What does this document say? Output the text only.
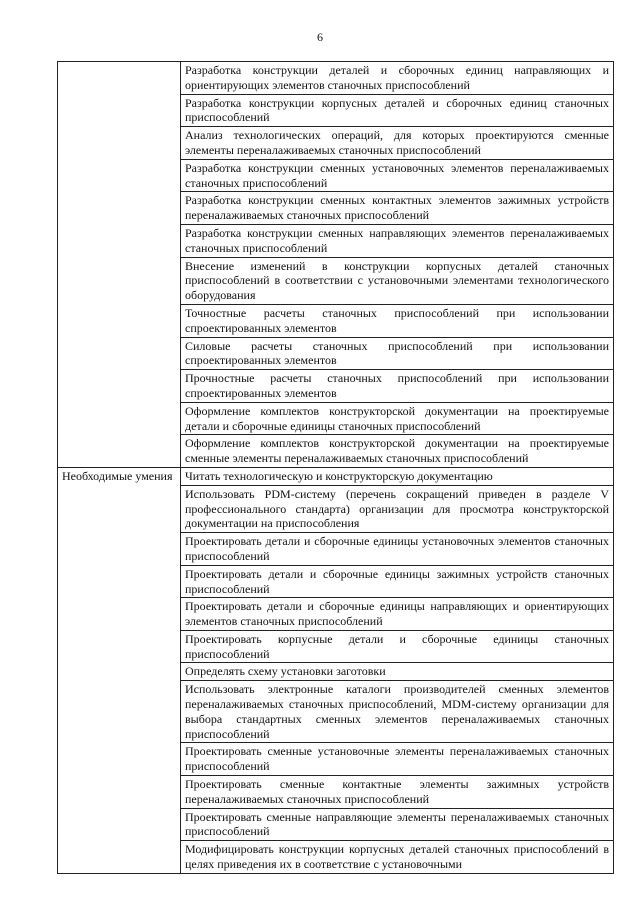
6
	Разработка конструкции деталей и сборочных единиц направляющих и ориентирующих элементов станочных приспособлений
	Разработка конструкции корпусных деталей и сборочных единиц станочных приспособлений
	Анализ технологических операций, для которых проектируются сменные элементы переналаживаемых станочных приспособлений
	Разработка конструкции сменных установочных элементов переналаживаемых станочных приспособлений
	Разработка конструкции сменных контактных элементов зажимных устройств переналаживаемых станочных приспособлений
	Разработка конструкции сменных направляющих элементов переналаживаемых станочных приспособлений
	Внесение изменений в конструкции корпусных деталей станочных приспособлений в соответствии с установочными элементами технологического оборудования
	Точностные расчеты станочных приспособлений при использовании спроектированных элементов
	Силовые расчеты станочных приспособлений при использовании спроектированных элементов
	Прочностные расчеты станочных приспособлений при использовании спроектированных элементов
	Оформление комплектов конструкторской документации на проектируемые детали и сборочные единицы станочных приспособлений
	Оформление комплектов конструкторской документации на проектируемые сменные элементы переналаживаемых станочных приспособлений
Необходимые умения	Читать технологическую и конструкторскую документацию
	Использовать PDM-систему (перечень сокращений приведен в разделе V профессионального стандарта) организации для просмотра конструкторской документации на приспособления
	Проектировать детали и сборочные единицы установочных элементов станочных приспособлений
	Проектировать детали и сборочные единицы зажимных устройств станочных приспособлений
	Проектировать детали и сборочные единицы направляющих и ориентирующих элементов станочных приспособлений
	Проектировать корпусные детали и сборочные единицы станочных приспособлений
	Определять схему установки заготовки
	Использовать электронные каталоги производителей сменных элементов переналаживаемых станочных приспособлений, MDM-систему организации для выбора стандартных сменных элементов переналаживаемых станочных приспособлений
	Проектировать сменные установочные элементы переналаживаемых станочных приспособлений
	Проектировать сменные контактные элементы зажимных устройств переналаживаемых станочных приспособлений
	Проектировать сменные направляющие элементы переналаживаемых станочных приспособлений
	Модифицировать конструкции корпусных деталей станочных приспособлений в целях приведения их в соответствие с установочными
